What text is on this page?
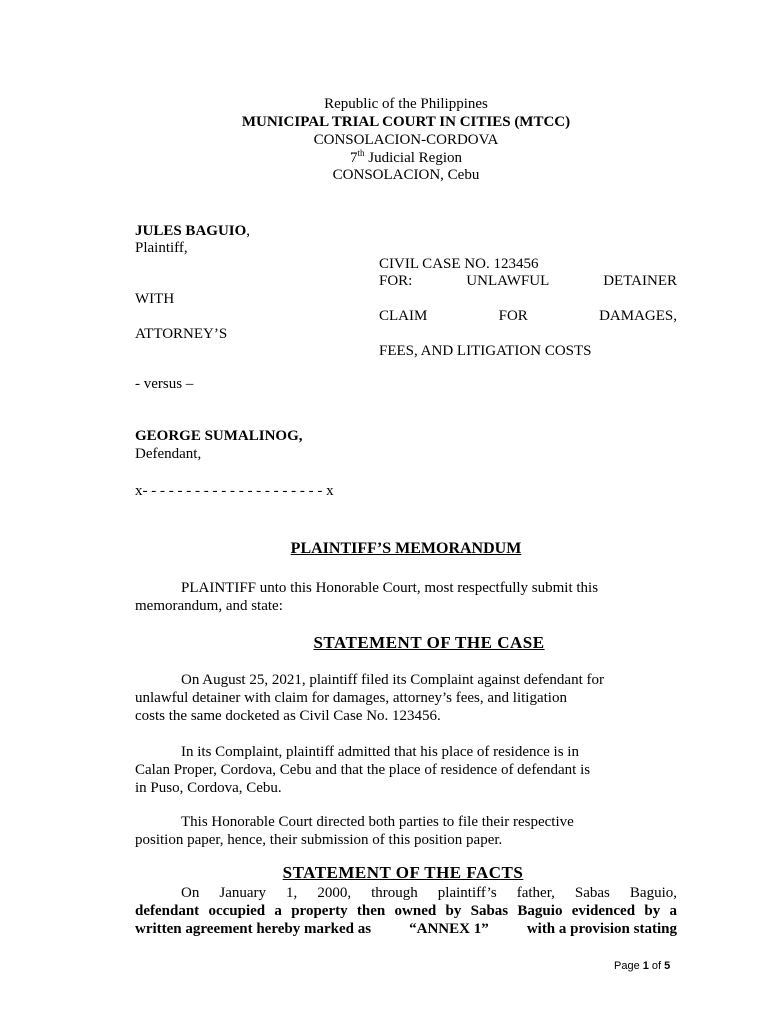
Republic of the Philippines
MUNICIPAL TRIAL COURT IN CITIES (MTCC)
CONSOLACION-CORDOVA
7th Judicial Region
CONSOLACION, Cebu
JULES BAGUIO,
Plaintiff,
WITH
ATTORNEY’S
- versus –
GEORGE SUMALINOG,
Defendant,
x- - - - - - - - - - - - - - - - - - - - - x
CIVIL CASE NO. 123456
FOR:	UNLAWFUL	DETAINER
CLAIM	FOR	DAMAGES,
FEES, AND LITIGATION COSTS
PLAINTIFF’S MEMORANDUM
PLAINTIFF unto this Honorable Court, most respectfully submit this
memorandum, and state:
STATEMENT OF THE CASE
On August 25, 2021, plaintiff filed its Complaint against defendant for
unlawful detainer with claim for damages, attorney’s fees, and litigation
costs the same docketed as Civil Case No. 123456.
In its Complaint, plaintiff admitted that his place of residence is in
Calan Proper, Cordova, Cebu and that the place of residence of defendant is
in Puso, Cordova, Cebu.
This Honorable Court directed both parties to file their respective
position paper, hence, their submission of this position paper.
STATEMENT OF THE FACTS
On January 1, 2000, through plaintiff’s father, Sabas Baguio,
defendant occupied a property then owned by Sabas Baguio evidenced by a
written agreement hereby marked as “ANNEX 1” with a provision stating
Page 1 of 5
